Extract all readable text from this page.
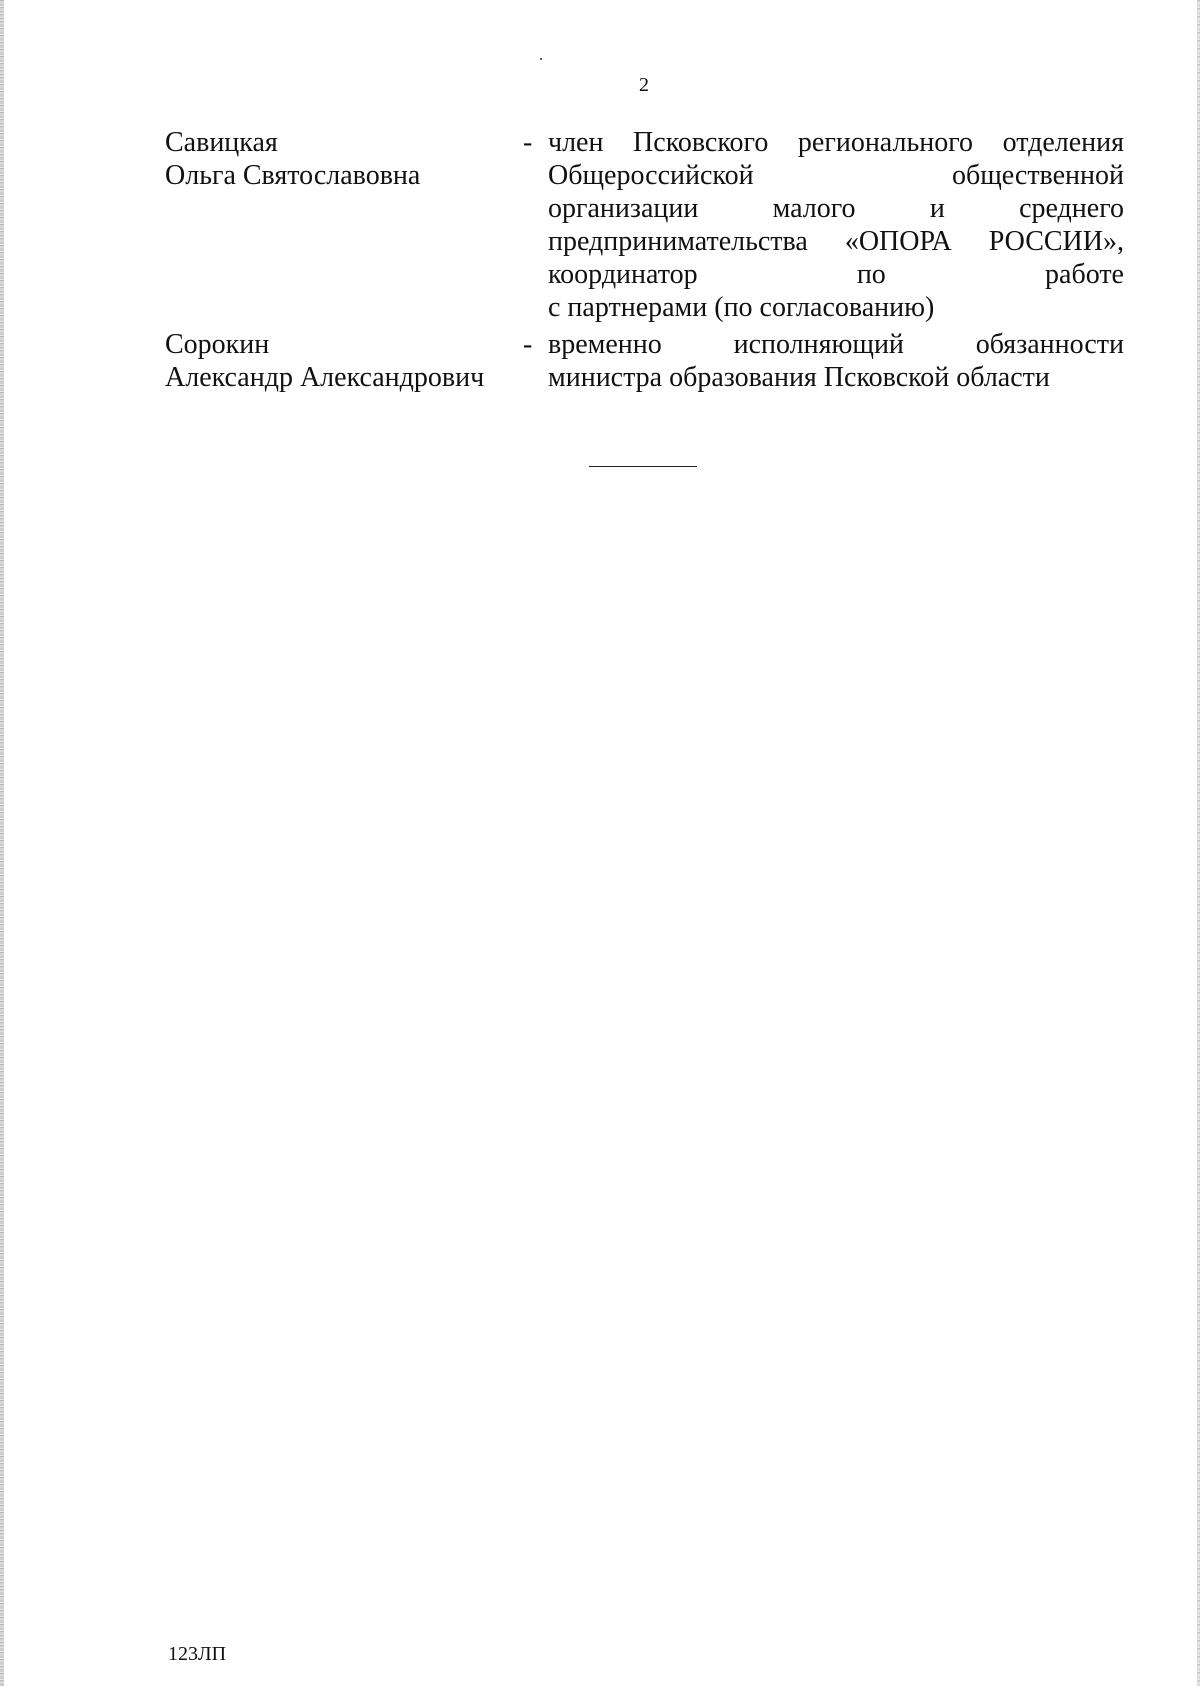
2
Савицкая
Ольга Святославовна
- член Псковского регионального отделения
Общероссийской общественной
организации малого и среднего
предпринимательства «ОПОРА РОССИИ»,
координатор по работе
с партнерами (по согласованию)
Сорокин
Александр Александрович
- временно исполняющий обязанности
министра образования Псковской области
123ЛП
